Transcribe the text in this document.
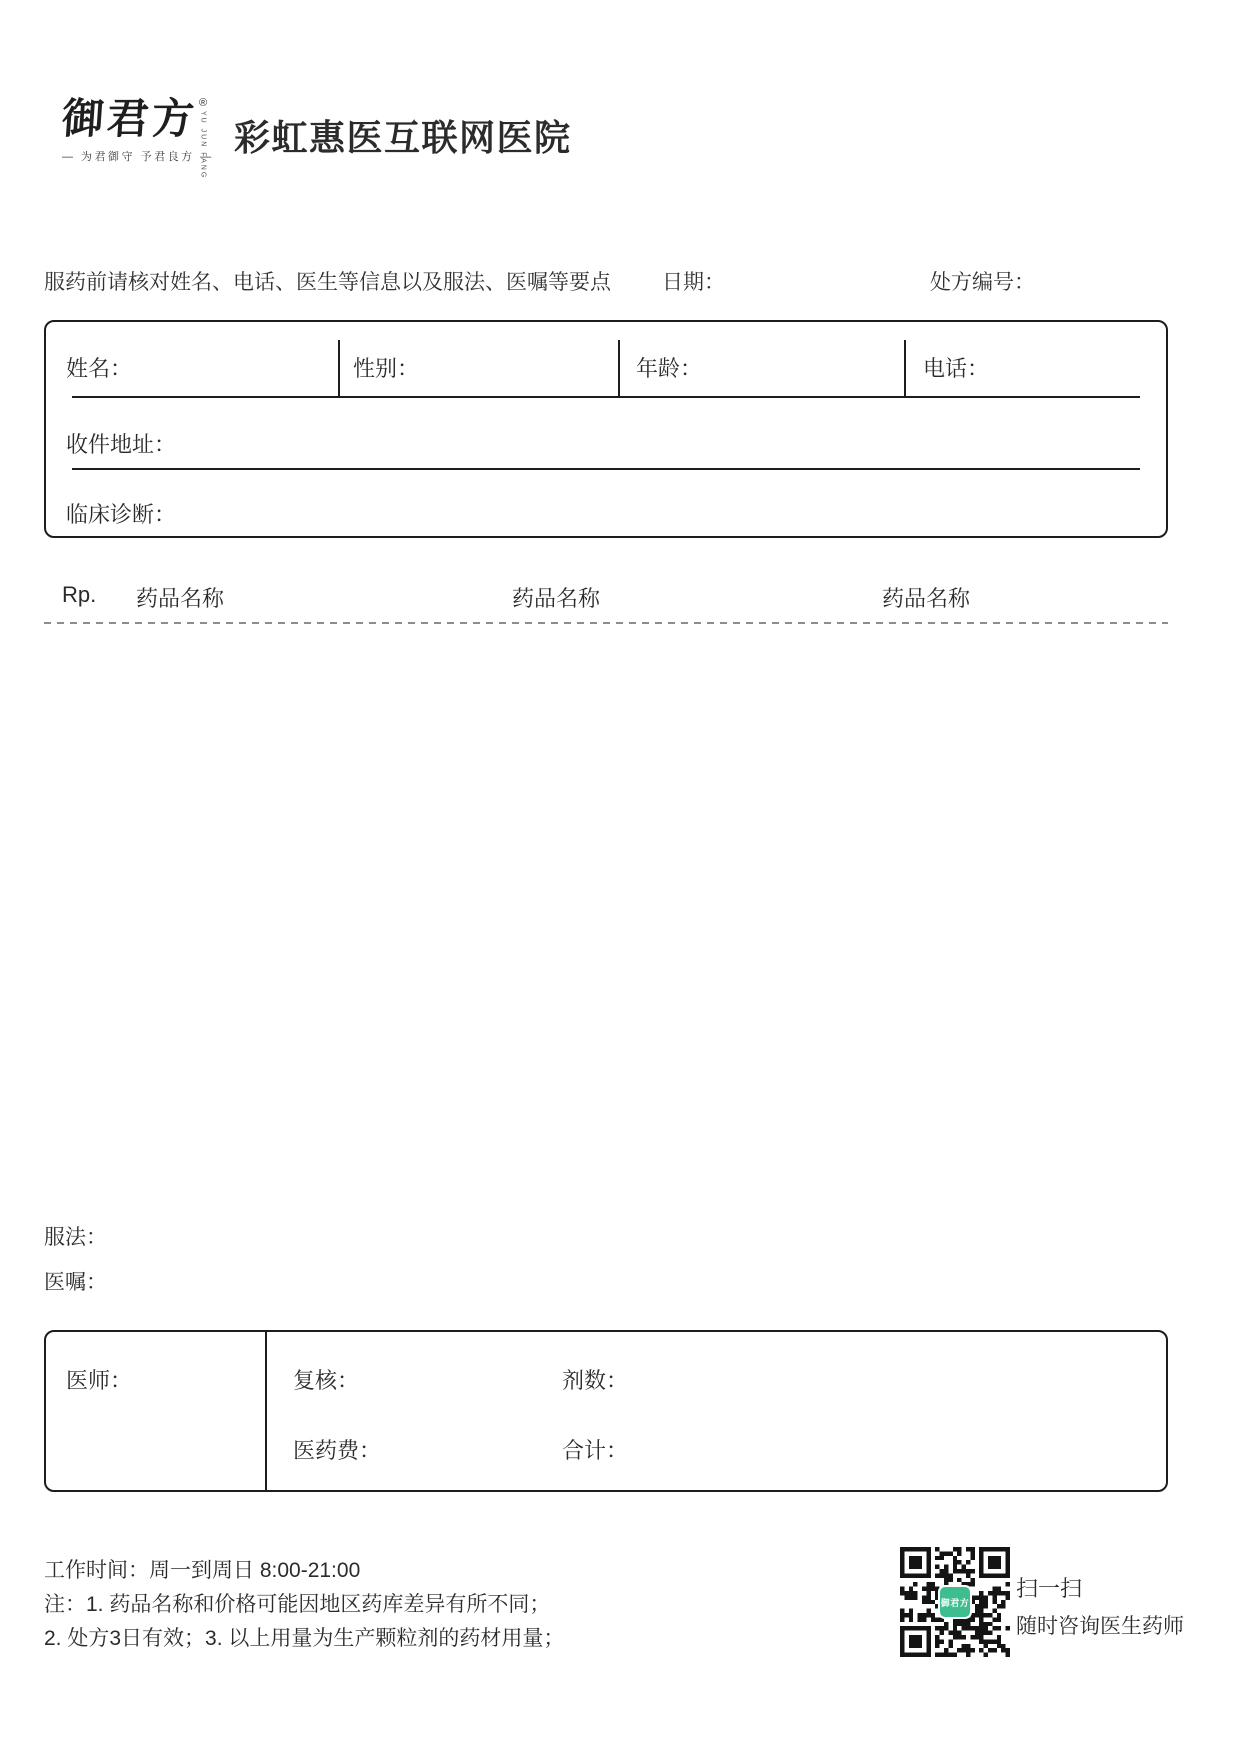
御君方 ®
YU JUN FANG
— 为君御守 予君良方 — 彩虹惠医互联网医院
服药前请核对姓名、电话、医生等信息以及服法、医嘱等要点 日期：	处方编号：
姓名：	性别：	年龄：	电话：
收件地址：
临床诊断：
Rp. 药品名称	药品名称	药品名称
服法：
医嘱：
医师：	复核：	剂数：
医药费：	合计：
工作时间：周一到周日 8:00-21:00
注：1. 药品名称和价格可能因地区药库差异有所不同；
2. 处方3日有效；3. 以上用量为生产颗粒剂的药材用量；
御君方
扫一扫
随时咨询医生药师
